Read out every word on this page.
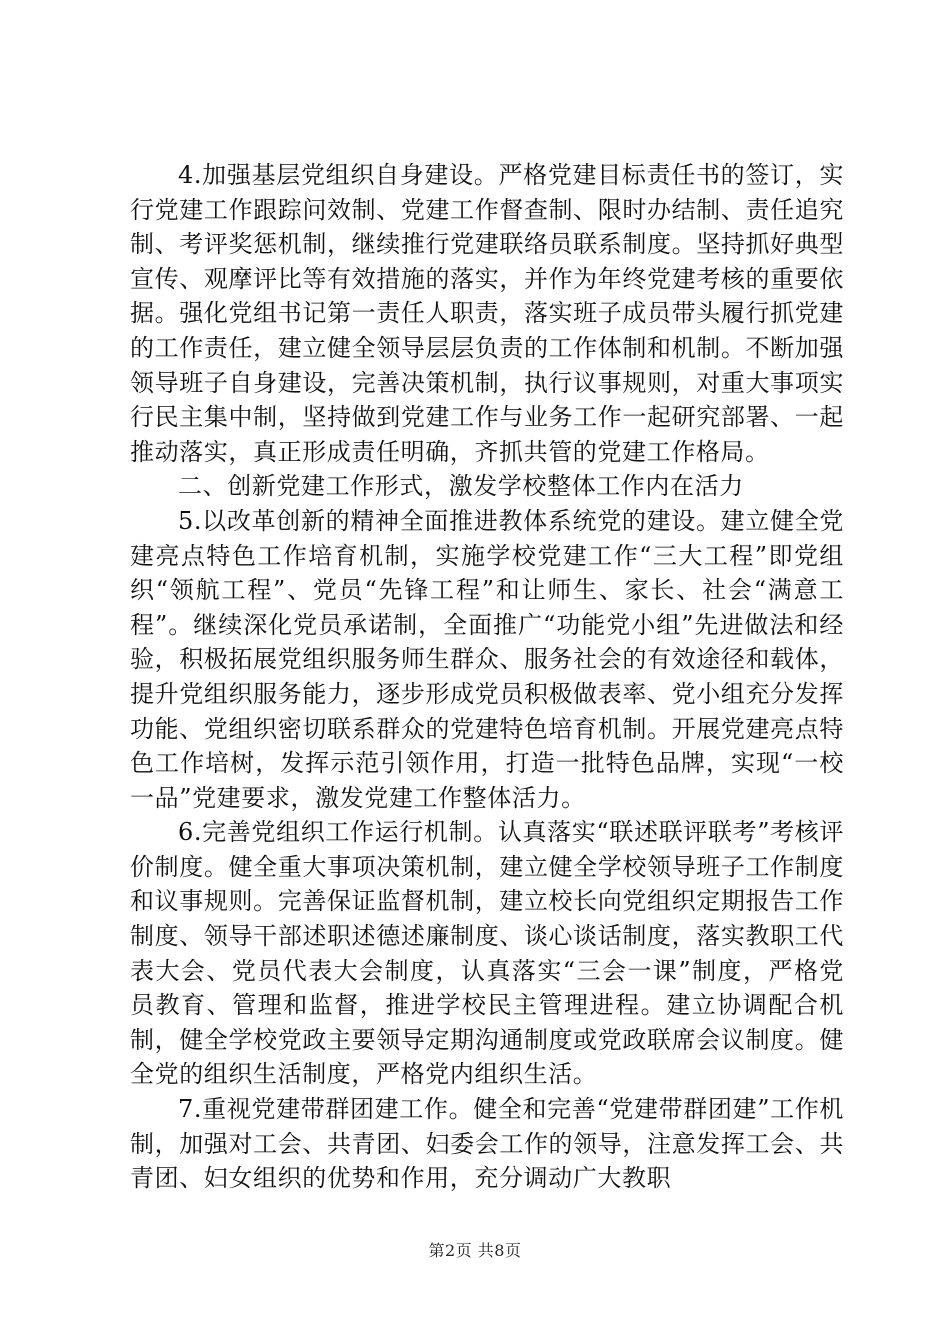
4.加强基层党组织自身建设。严格党建目标责任书的签订，实行党建工作跟踪问效制、党建工作督查制、限时办结制、责任追究制、考评奖惩机制，继续推行党建联络员联系制度。坚持抓好典型宣传、观摩评比等有效措施的落实，并作为年终党建考核的重要依据。强化党组书记第一责任人职责，落实班子成员带头履行抓党建的工作责任，建立健全领导层层负责的工作体制和机制。不断加强领导班子自身建设，完善决策机制，执行议事规则，对重大事项实行民主集中制，坚持做到党建工作与业务工作一起研究部署、一起推动落实，真正形成责任明确，齐抓共管的党建工作格局。

二、创新党建工作形式，激发学校整体工作内在活力

5.以改革创新的精神全面推进教体系统党的建设。建立健全党建亮点特色工作培育机制，实施学校党建工作“三大工程”即党组织“领航工程”、党员“先锋工程”和让师生、家长、社会“满意工程”。继续深化党员承诺制，全面推广“功能党小组”先进做法和经验，积极拓展党组织服务师生群众、服务社会的有效途径和载体，提升党组织服务能力，逐步形成党员积极做表率、党小组充分发挥功能、党组织密切联系群众的党建特色培育机制。开展党建亮点特色工作培树，发挥示范引领作用，打造一批特色品牌，实现“一校一品”党建要求，激发党建工作整体活力。

6.完善党组织工作运行机制。认真落实“联述联评联考”考核评价制度。健全重大事项决策机制，建立健全学校领导班子工作制度和议事规则。完善保证监督机制，建立校长向党组织定期报告工作制度、领导干部述职述德述廉制度、谈心谈话制度，落实教职工代表大会、党员代表大会制度，认真落实“三会一课”制度，严格党员教育、管理和监督，推进学校民主管理进程。建立协调配合机制，健全学校党政主要领导定期沟通制度或党政联席会议制度。健全党的组织生活制度，严格党内组织生活。

7.重视党建带群团建工作。健全和完善“党建带群团建”工作机制，加强对工会、共青团、妇委会工作的领导，注意发挥工会、共青团、妇女组织的优势和作用，充分调动广大教职

第2页 共8页
